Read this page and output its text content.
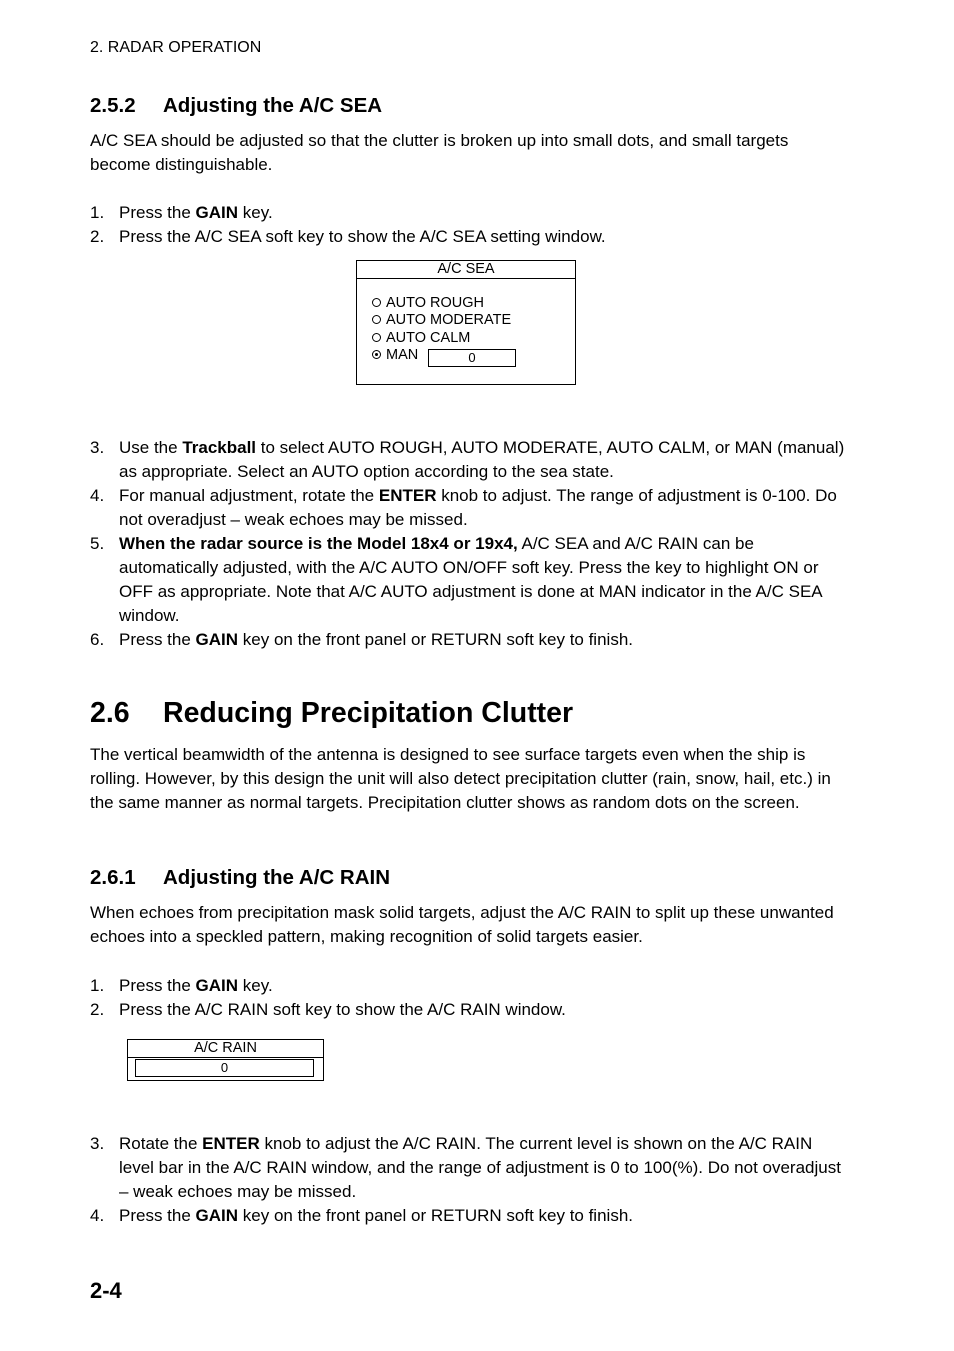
2. RADAR OPERATION
2.5.2 Adjusting the A/C SEA
A/C SEA should be adjusted so that the clutter is broken up into small dots, and small targets become distinguishable.
1. Press the GAIN key.
2. Press the A/C SEA soft key to show the A/C SEA setting window.
A/C SEA
AUTO ROUGH
AUTO MODERATE
AUTO CALM
MAN	0
3. Use the Trackball to select AUTO ROUGH, AUTO MODERATE, AUTO CALM, or MAN (manual) as appropriate. Select an AUTO option according to the sea state.
4. For manual adjustment, rotate the ENTER knob to adjust. The range of adjustment is 0-100. Do not overadjust – weak echoes may be missed.
5. When the radar source is the Model 18x4 or 19x4, A/C SEA and A/C RAIN can be automatically adjusted, with the A/C AUTO ON/OFF soft key. Press the key to highlight ON or OFF as appropriate. Note that A/C AUTO adjustment is done at MAN indicator in the A/C SEA window.
6. Press the GAIN key on the front panel or RETURN soft key to finish.
2.6 Reducing Precipitation Clutter
The vertical beamwidth of the antenna is designed to see surface targets even when the ship is rolling. However, by this design the unit will also detect precipitation clutter (rain, snow, hail, etc.) in the same manner as normal targets. Precipitation clutter shows as random dots on the screen.
2.6.1 Adjusting the A/C RAIN
When echoes from precipitation mask solid targets, adjust the A/C RAIN to split up these unwanted echoes into a speckled pattern, making recognition of solid targets easier.
1. Press the GAIN key.
2. Press the A/C RAIN soft key to show the A/C RAIN window.
A/C RAIN
0
3. Rotate the ENTER knob to adjust the A/C RAIN. The current level is shown on the A/C RAIN level bar in the A/C RAIN window, and the range of adjustment is 0 to 100(%). Do not overadjust – weak echoes may be missed.
4. Press the GAIN key on the front panel or RETURN soft key to finish.
2-4
